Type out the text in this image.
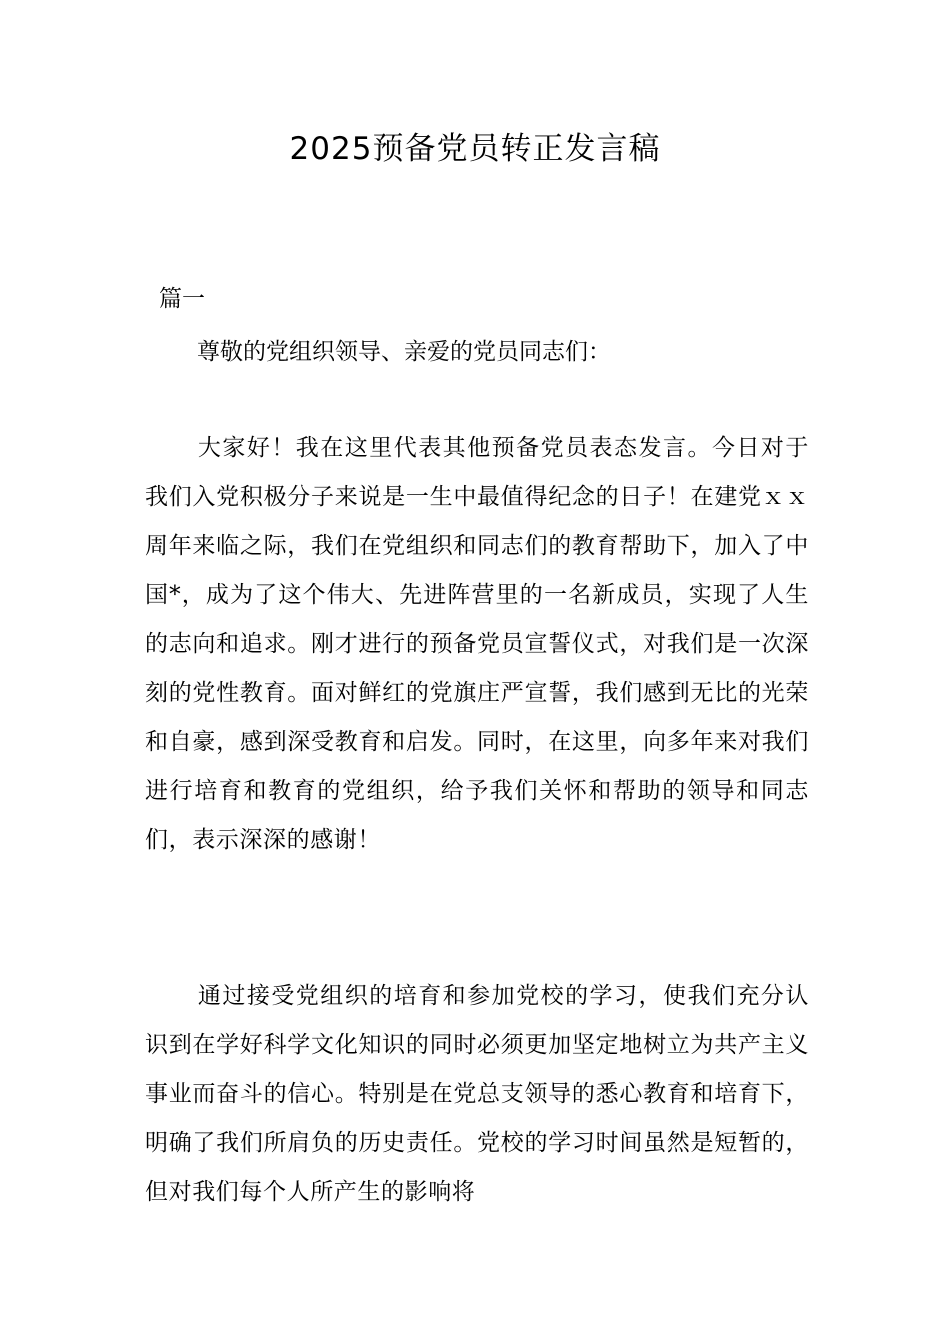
2025预备党员转正发言稿
篇一
尊敬的党组织领导、亲爱的党员同志们：
大家好！我在这里代表其他预备党员表态发言。今日对于我们入党积极分子来说是一生中最值得纪念的日子！在建党ｘｘ周年来临之际，我们在党组织和同志们的教育帮助下，加入了中国*，成为了这个伟大、先进阵营里的一名新成员，实现了人生的志向和追求。刚才进行的预备党员宣誓仪式，对我们是一次深刻的党性教育。面对鲜红的党旗庄严宣誓，我们感到无比的光荣和自豪，感到深受教育和启发。同时，在这里，向多年来对我们进行培育和教育的党组织，给予我们关怀和帮助的领导和同志们，表示深深的感谢！
通过接受党组织的培育和参加党校的学习，使我们充分认识到在学好科学文化知识的同时必须更加坚定地树立为共产主义事业而奋斗的信心。特别是在党总支领导的悉心教育和培育下，明确了我们所肩负的历史责任。党校的学习时间虽然是短暂的，但对我们每个人所产生的影响将
